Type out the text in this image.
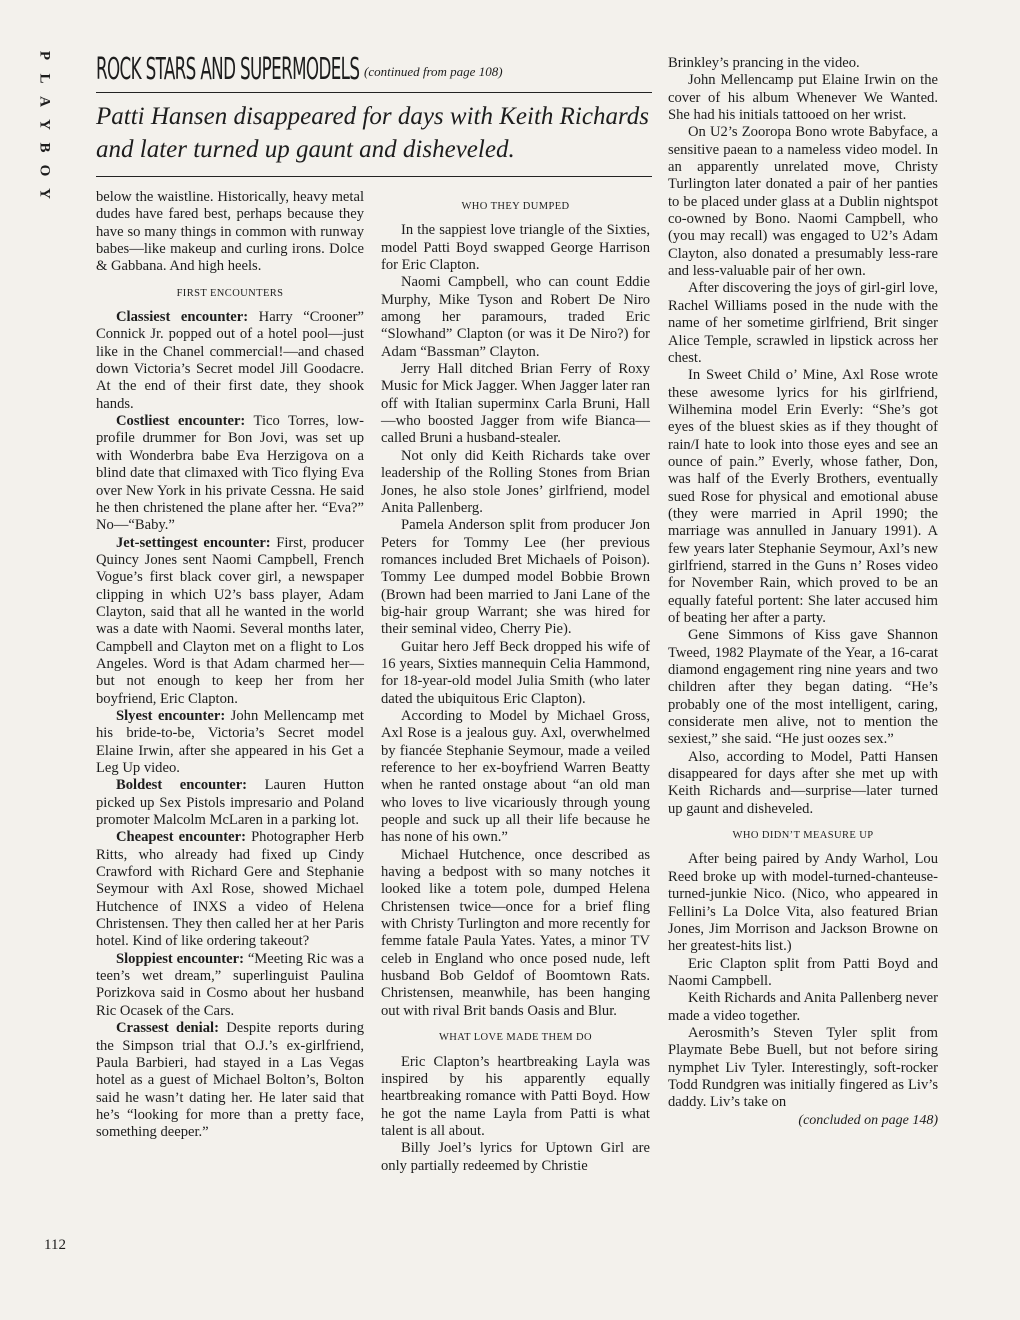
P
L
A
Y
B
O
Y
ROCK STARS AND SUPERMODELS (continued from page 108)
Patti Hansen disappeared for days with Keith Richards and later turned up gaunt and disheveled.

below the waistline. Historically, heavy metal dudes have fared best, perhaps because they have so many things in common with runway babes—like makeup and curling irons. Dolce & Gabbana. And high heels.

FIRST ENCOUNTERS

Classiest encounter: Harry “Crooner” Connick Jr. popped out of a hotel pool—just like in the Chanel commercial!—and chased down Victoria’s Secret model Jill Goodacre. At the end of their first date, they shook hands.

Costliest encounter: Tico Torres, low-profile drummer for Bon Jovi, was set up with Wonderbra babe Eva Herzigova on a blind date that climaxed with Tico flying Eva over New York in his private Cessna. He said he then christened the plane after her. “Eva?” No—“Baby.”

Jet-settingest encounter: First, producer Quincy Jones sent Naomi Campbell, French Vogue’s first black cover girl, a newspaper clipping in which U2’s bass player, Adam Clayton, said that all he wanted in the world was a date with Naomi. Several months later, Campbell and Clayton met on a flight to Los Angeles. Word is that Adam charmed her—but not enough to keep her from her boyfriend, Eric Clapton.

Slyest encounter: John Mellencamp met his bride-to-be, Victoria’s Secret model Elaine Irwin, after she appeared in his Get a Leg Up video.

Boldest encounter: Lauren Hutton picked up Sex Pistols impresario and Poland promoter Malcolm McLaren in a parking lot.

Cheapest encounter: Photographer Herb Ritts, who already had fixed up Cindy Crawford with Richard Gere and Stephanie Seymour with Axl Rose, showed Michael Hutchence of INXS a video of Helena Christensen. They then called her at her Paris hotel. Kind of like ordering takeout?

Sloppiest encounter: “Meeting Ric was a teen’s wet dream,” superlinguist Paulina Porizkova said in Cosmo about her husband Ric Ocasek of the Cars.

Crassest denial: Despite reports during the Simpson trial that O.J.’s ex-girlfriend, Paula Barbieri, had stayed in a Las Vegas hotel as a guest of Michael Bolton’s, Bolton said he wasn’t dating her. He later said that he’s “looking for more than a pretty face, something deeper.”

WHO THEY DUMPED

In the sappiest love triangle of the Sixties, model Patti Boyd swapped George Harrison for Eric Clapton.

Naomi Campbell, who can count Eddie Murphy, Mike Tyson and Robert De Niro among her paramours, traded Eric “Slowhand” Clapton (or was it De Niro?) for Adam “Bassman” Clayton.

Jerry Hall ditched Brian Ferry of Roxy Music for Mick Jagger. When Jagger later ran off with Italian superminx Carla Bruni, Hall—who boosted Jagger from wife Bianca—called Bruni a husband-stealer.

Not only did Keith Richards take over leadership of the Rolling Stones from Brian Jones, he also stole Jones’ girlfriend, model Anita Pallenberg.

Pamela Anderson split from producer Jon Peters for Tommy Lee (her previous romances included Bret Michaels of Poison). Tommy Lee dumped model Bobbie Brown (Brown had been married to Jani Lane of the big-hair group Warrant; she was hired for their seminal video, Cherry Pie).

Guitar hero Jeff Beck dropped his wife of 16 years, Sixties mannequin Celia Hammond, for 18-year-old model Julia Smith (who later dated the ubiquitous Eric Clapton).

According to Model by Michael Gross, Axl Rose is a jealous guy. Axl, overwhelmed by fiancée Stephanie Seymour, made a veiled reference to her ex-boyfriend Warren Beatty when he ranted onstage about “an old man who loves to live vicariously through young people and suck up all their life because he has none of his own.”

Michael Hutchence, once described as having a bedpost with so many notches it looked like a totem pole, dumped Helena Christensen twice—once for a brief fling with Christy Turlington and more recently for femme fatale Paula Yates. Yates, a minor TV celeb in England who once posed nude, left husband Bob Geldof of Boomtown Rats. Christensen, meanwhile, has been hanging out with rival Brit bands Oasis and Blur.

WHAT LOVE MADE THEM DO

Eric Clapton’s heartbreaking Layla was inspired by his apparently equally heartbreaking romance with Patti Boyd. How he got the name Layla from Patti is what talent is all about.

Billy Joel’s lyrics for Uptown Girl are only partially redeemed by Christie

Brinkley’s prancing in the video.

John Mellencamp put Elaine Irwin on the cover of his album Whenever We Wanted. She had his initials tattooed on her wrist.

On U2’s Zooropa Bono wrote Babyface, a sensitive paean to a nameless video model. In an apparently unrelated move, Christy Turlington later donated a pair of her panties to be placed under glass at a Dublin nightspot co-owned by Bono. Naomi Campbell, who (you may recall) was engaged to U2’s Adam Clayton, also donated a presumably less-rare and less-valuable pair of her own.

After discovering the joys of girl-girl love, Rachel Williams posed in the nude with the name of her sometime girlfriend, Brit singer Alice Temple, scrawled in lipstick across her chest.

In Sweet Child o’ Mine, Axl Rose wrote these awesome lyrics for his girlfriend, Wilhemina model Erin Everly: “She’s got eyes of the bluest skies as if they thought of rain/I hate to look into those eyes and see an ounce of pain.” Everly, whose father, Don, was half of the Everly Brothers, eventually sued Rose for physical and emotional abuse (they were married in April 1990; the marriage was annulled in January 1991). A few years later Stephanie Seymour, Axl’s new girlfriend, starred in the Guns n’ Roses video for November Rain, which proved to be an equally fateful portent: She later accused him of beating her after a party.

Gene Simmons of Kiss gave Shannon Tweed, 1982 Playmate of the Year, a 16-carat diamond engagement ring nine years and two children after they began dating. “He’s probably one of the most intelligent, caring, considerate men alive, not to mention the sexiest,” she said. “He just oozes sex.”

Also, according to Model, Patti Hansen disappeared for days after she met up with Keith Richards and—surprise—later turned up gaunt and disheveled.

WHO DIDN’T MEASURE UP

After being paired by Andy Warhol, Lou Reed broke up with model-turned-chanteuse-turned-junkie Nico. (Nico, who appeared in Fellini’s La Dolce Vita, also featured Brian Jones, Jim Morrison and Jackson Browne on her greatest-hits list.)

Eric Clapton split from Patti Boyd and Naomi Campbell.

Keith Richards and Anita Pallenberg never made a video together.

Aerosmith’s Steven Tyler split from Playmate Bebe Buell, but not before siring nymphet Liv Tyler. Interestingly, soft-rocker Todd Rundgren was initially fingered as Liv’s daddy. Liv’s take on

(concluded on page 148)
112
